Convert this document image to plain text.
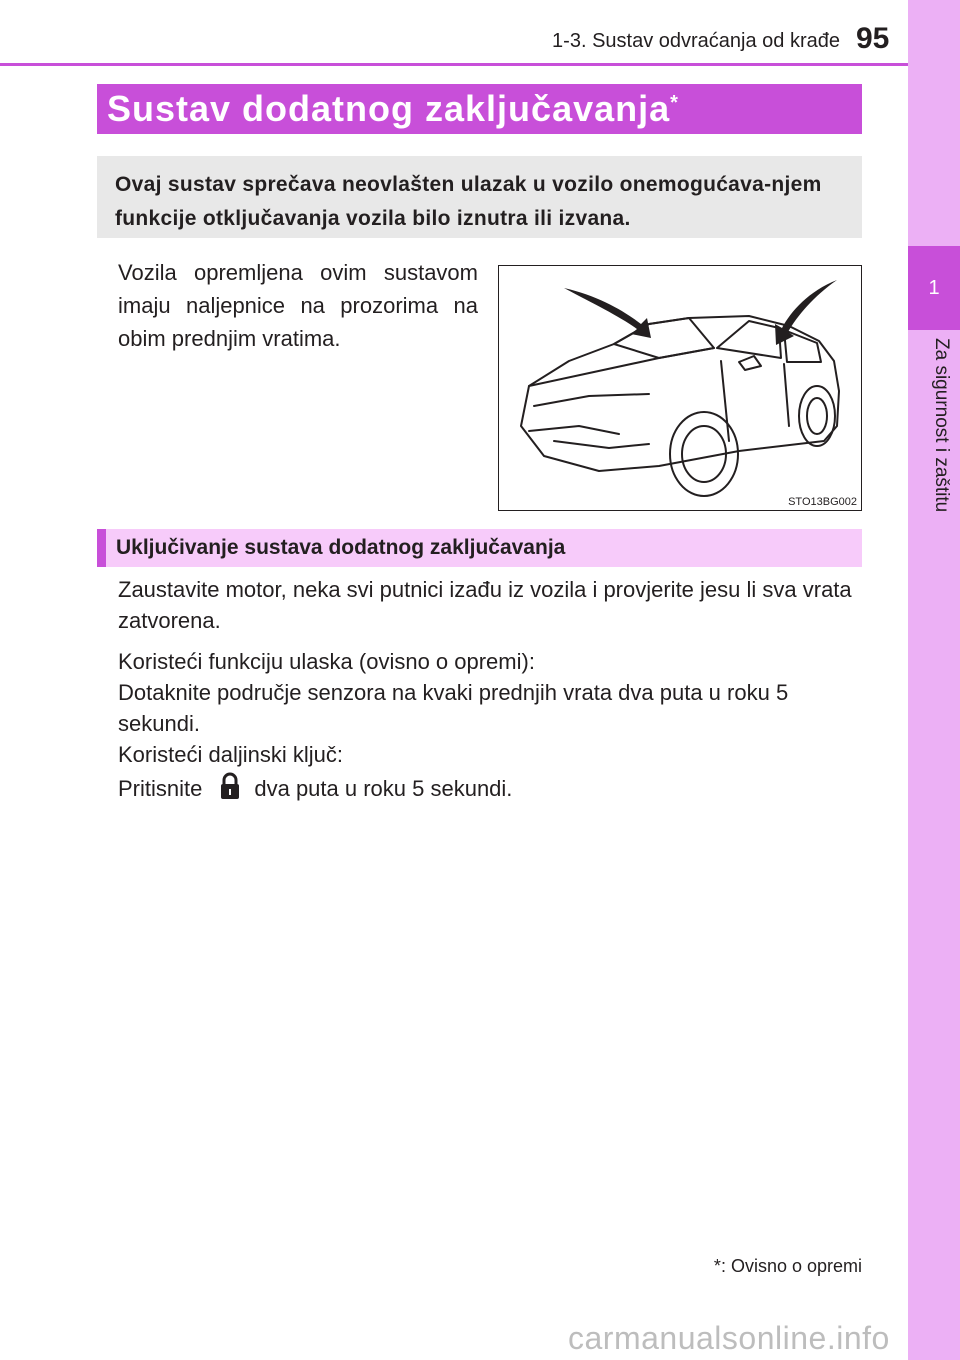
1
Za sigurnost i zaštitu
1-3. Sustav odvraćanja od krađe 95
Sustav dodatnog zaključavanja*
Ovaj sustav sprečava neovlašten ulazak u vozilo onemogućava-njem funkcije otključavanja vozila bilo iznutra ili izvana.
Vozila opremljena ovim sustavom imaju naljepnice na prozorima na obim prednjim vratima.
STO13BG002
Uključivanje sustava dodatnog zaključavanja
Zaustavite motor, neka svi putnici izađu iz vozila i provjerite jesu li sva vrata zatvorena.
Koristeći funkciju ulaska (ovisno o opremi):
Dotaknite područje senzora na kvaki prednjih vrata dva puta u roku 5 sekundi.
Koristeći daljinski ključ:
Pritisnite dva puta u roku 5 sekundi.
*: Ovisno o opremi
carmanualsonline.info
